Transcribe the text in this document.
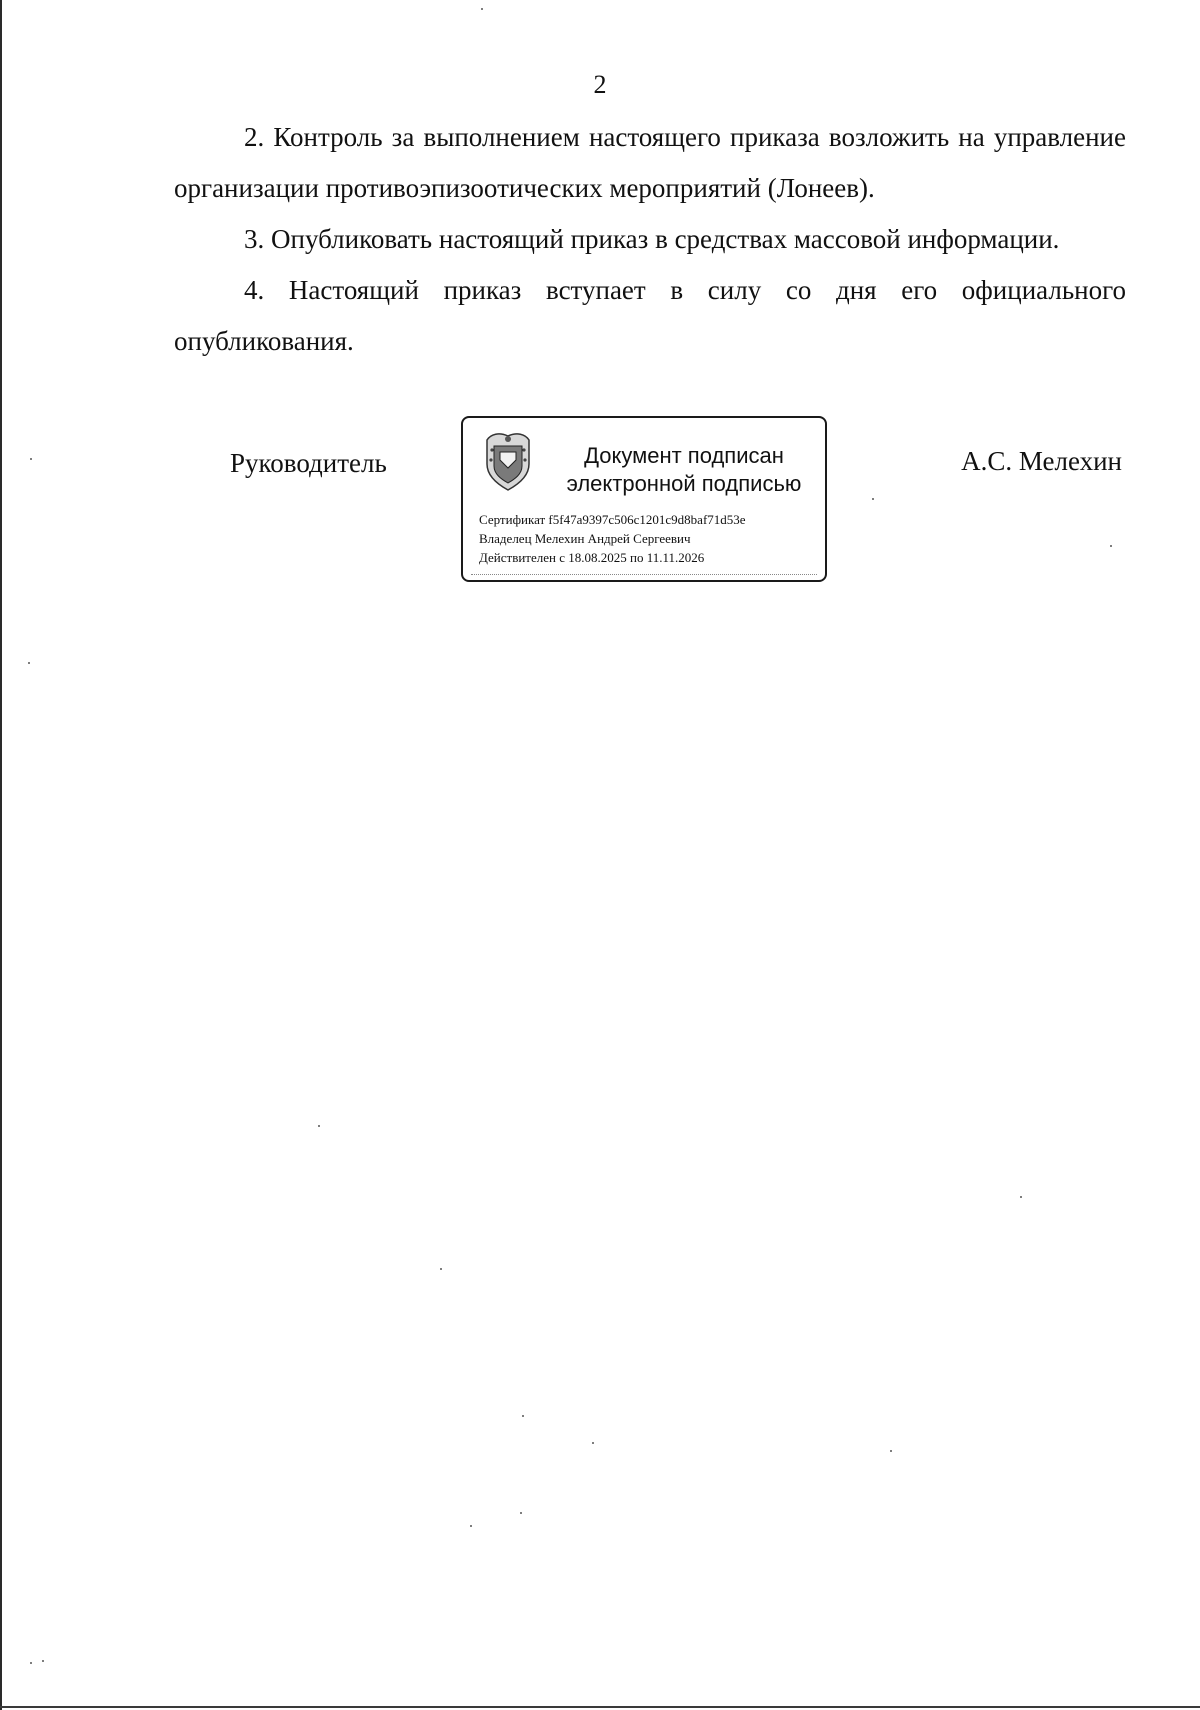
2

2. Контроль за выполнением настоящего приказа возложить на управление организации противоэпизоотических мероприятий (Лонеев).

3. Опубликовать настоящий приказ в средствах массовой информации.

4. Настоящий приказ вступает в силу со дня его официального опубликования.

Руководитель	Документ подписан
электронной подписью
Сертификат f5f47a9397c506c1201c9d8baf71d53e
Владелец Мелехин Андрей Сергеевич
Действителен с 18.08.2025 по 11.11.2026
А.С. Мелехин
